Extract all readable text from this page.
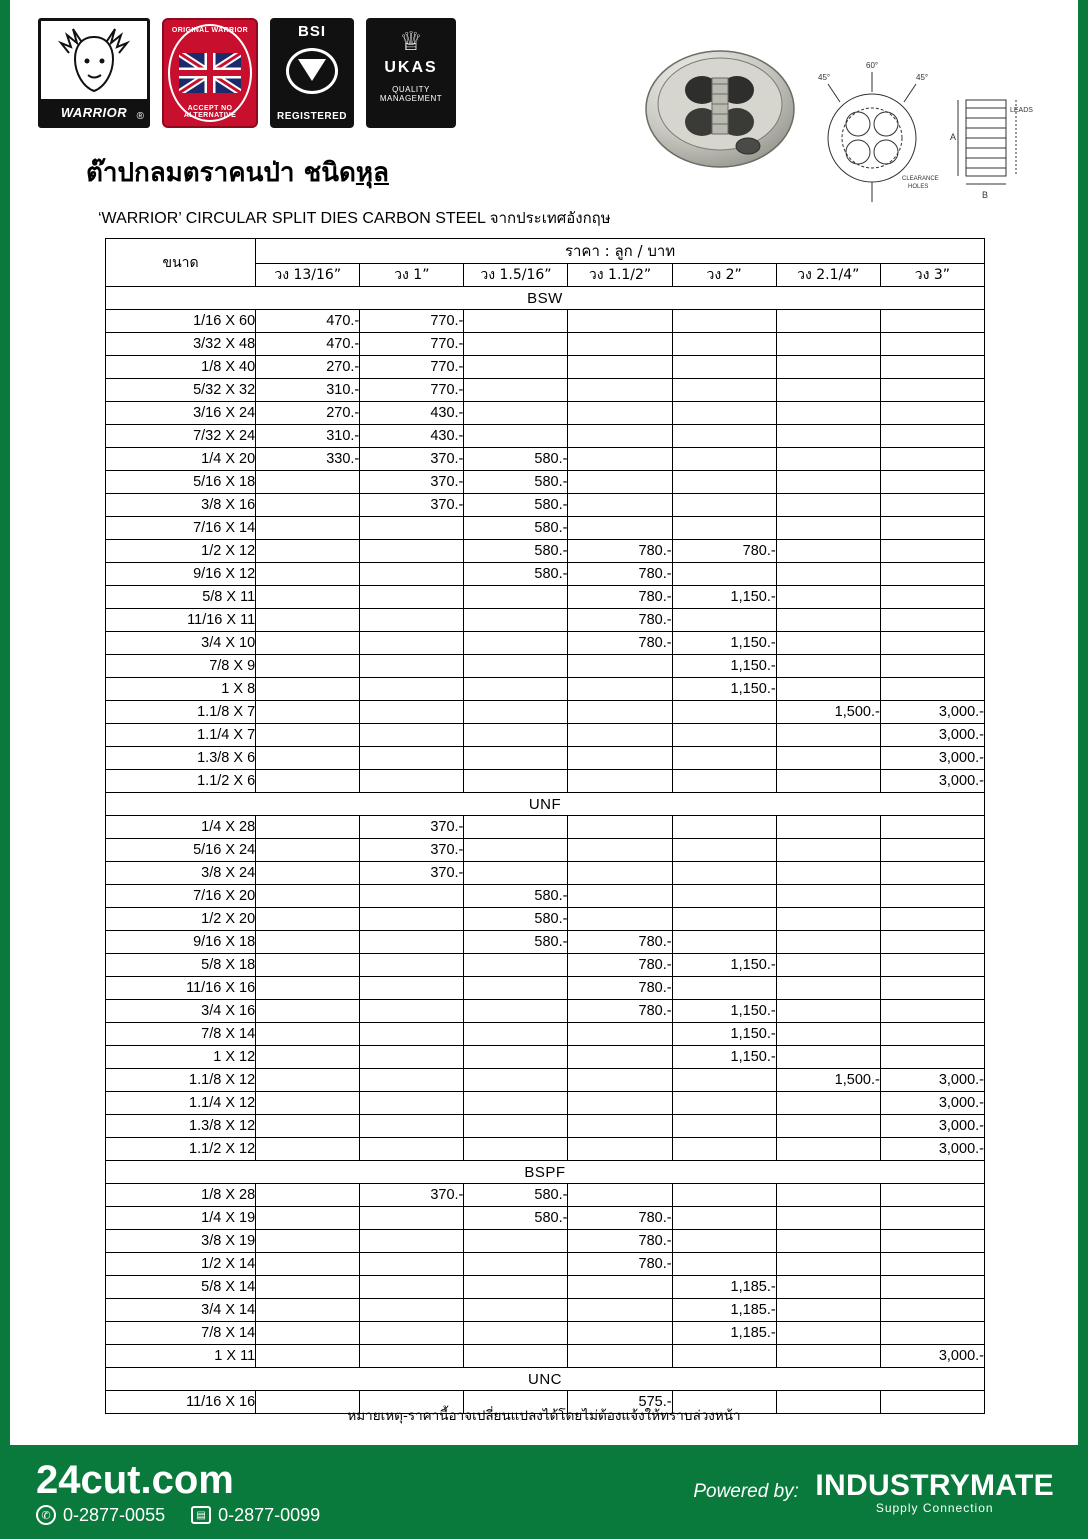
WARRIOR ®
ORIGINAL WARRIOR
ACCEPT NO ALTERNATIVE
BSI
REGISTERED
♕
UKAS
QUALITY
MANAGEMENT
45°
60°
45°
LEADS
CLEARANCE
HOLES
A
B
ต๊าปกลมตราคนป่า ชนิดหุล
‘WARRIOR’ CIRCULAR SPLIT DIES CARBON STEEL จากประเทศอังกฤษ
ขนาด	ราคา : ลูก / บาท						
	วง 13/16”	วง 1”	วง 1.5/16”	วง 1.1/2”	วง 2”	วง 2.1/4”	วง 3”
BSW							
1/16 X 60	470.-	770.-					
3/32 X 48	470.-	770.-					
1/8 X 40	270.-	770.-					
5/32 X 32	310.-	770.-					
3/16 X 24	270.-	430.-					
7/32 X 24	310.-	430.-					
1/4 X 20	330.-	370.-	580.-				
5/16 X 18		370.-	580.-				
3/8 X 16		370.-	580.-				
7/16 X 14			580.-				
1/2 X 12			580.-	780.-	780.-		
9/16 X 12			580.-	780.-			
5/8 X 11				780.-	1,150.-		
11/16 X 11				780.-			
3/4 X 10				780.-	1,150.-		
7/8 X 9					1,150.-		
1 X 8					1,150.-		
1.1/8 X 7						1,500.-	3,000.-
1.1/4 X 7							3,000.-
1.3/8 X 6							3,000.-
1.1/2 X 6							3,000.-
UNF							
1/4 X 28		370.-					
5/16 X 24		370.-					
3/8 X 24		370.-					
7/16 X 20			580.-				
1/2 X 20			580.-				
9/16 X 18			580.-	780.-			
5/8 X 18				780.-	1,150.-		
11/16 X 16				780.-			
3/4 X 16				780.-	1,150.-		
7/8 X 14					1,150.-		
1 X 12					1,150.-		
1.1/8 X 12						1,500.-	3,000.-
1.1/4 X 12							3,000.-
1.3/8 X 12							3,000.-
1.1/2 X 12							3,000.-
BSPF							
1/8 X 28		370.-	580.-				
1/4 X 19			580.-	780.-			
3/8 X 19				780.-			
1/2 X 14				780.-			
5/8 X 14					1,185.-		
3/4 X 14					1,185.-		
7/8 X 14					1,185.-		
1 X 11							3,000.-
UNC							
11/16 X 16				575.-			
หมายเหตุ-ราคานี้อาจเปลี่ยนแปลงได้โดยไม่ต้องแจ้งให้ทราบล่วงหน้า
24cut.com
✆ 0-2877-0055	▤ 0-2877-0099
Powered by: INDUSTRYMATE
Supply Connection
